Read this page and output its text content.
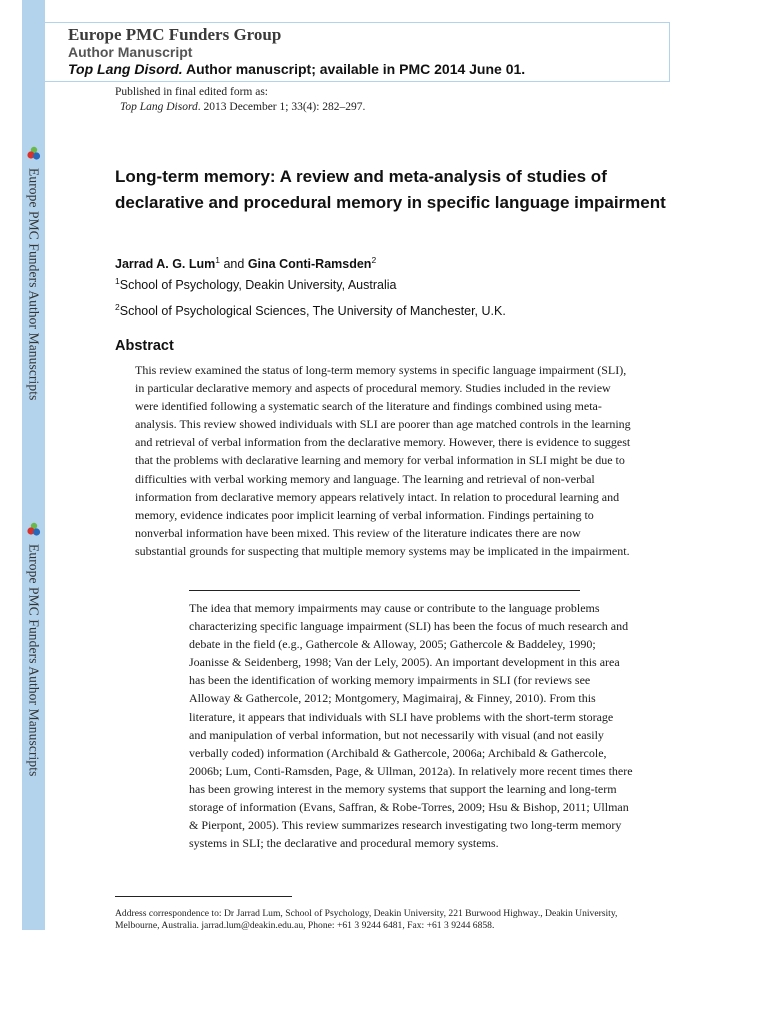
Europe PMC Funders Author Manuscripts
Europe PMC Funders Author Manuscripts
Europe PMC Funders Group
Author Manuscript
Top Lang Disord. Author manuscript; available in PMC 2014 June 01.
Published in final edited form as:
Top Lang Disord. 2013 December 1; 33(4): 282–297.
Long-term memory: A review and meta-analysis of studies of declarative and procedural memory in specific language impairment
Jarrad A. G. Lum$^1$ and Gina Conti-Ramsden$^2$
$^1$School of Psychology, Deakin University, Australia
$^2$School of Psychological Sciences, The University of Manchester, U.K.
Abstract
This review examined the status of long-term memory systems in specific language impairment (SLI), in particular declarative memory and aspects of procedural memory. Studies included in the review were identified following a systematic search of the literature and findings combined using meta-analysis. This review showed individuals with SLI are poorer than age matched controls in the learning and retrieval of verbal information from the declarative memory. However, there is evidence to suggest that the problems with declarative learning and memory for verbal information in SLI might be due to difficulties with verbal working memory and language. The learning and retrieval of non-verbal information from declarative memory appears relatively intact. In relation to procedural learning and memory, evidence indicates poor implicit learning of verbal information. Findings pertaining to nonverbal information have been mixed. This review of the literature indicates there are now substantial grounds for suspecting that multiple memory systems may be implicated in the impairment.
The idea that memory impairments may cause or contribute to the language problems characterizing specific language impairment (SLI) has been the focus of much research and debate in the field (e.g., Gathercole & Alloway, 2005; Gathercole & Baddeley, 1990; Joanisse & Seidenberg, 1998; Van der Lely, 2005). An important development in this area has been the identification of working memory impairments in SLI (for reviews see Alloway & Gathercole, 2012; Montgomery, Magimairaj, & Finney, 2010). From this literature, it appears that individuals with SLI have problems with the short-term storage and manipulation of verbal information, but not necessarily with visual (and not easily verbally coded) information (Archibald & Gathercole, 2006a; Archibald & Gathercole, 2006b; Lum, Conti-Ramsden, Page, & Ullman, 2012a). In relatively more recent times there has been growing interest in the memory systems that support the learning and long-term storage of information (Evans, Saffran, & Robe-Torres, 2009; Hsu & Bishop, 2011; Ullman & Pierpont, 2005). This review summarizes research investigating two long-term memory systems in SLI; the declarative and procedural memory systems.
Address correspondence to: Dr Jarrad Lum, School of Psychology, Deakin University, 221 Burwood Highway., Deakin University, Melbourne, Australia. jarrad.lum@deakin.edu.au, Phone: +61 3 9244 6481, Fax: +61 3 9244 6858.
